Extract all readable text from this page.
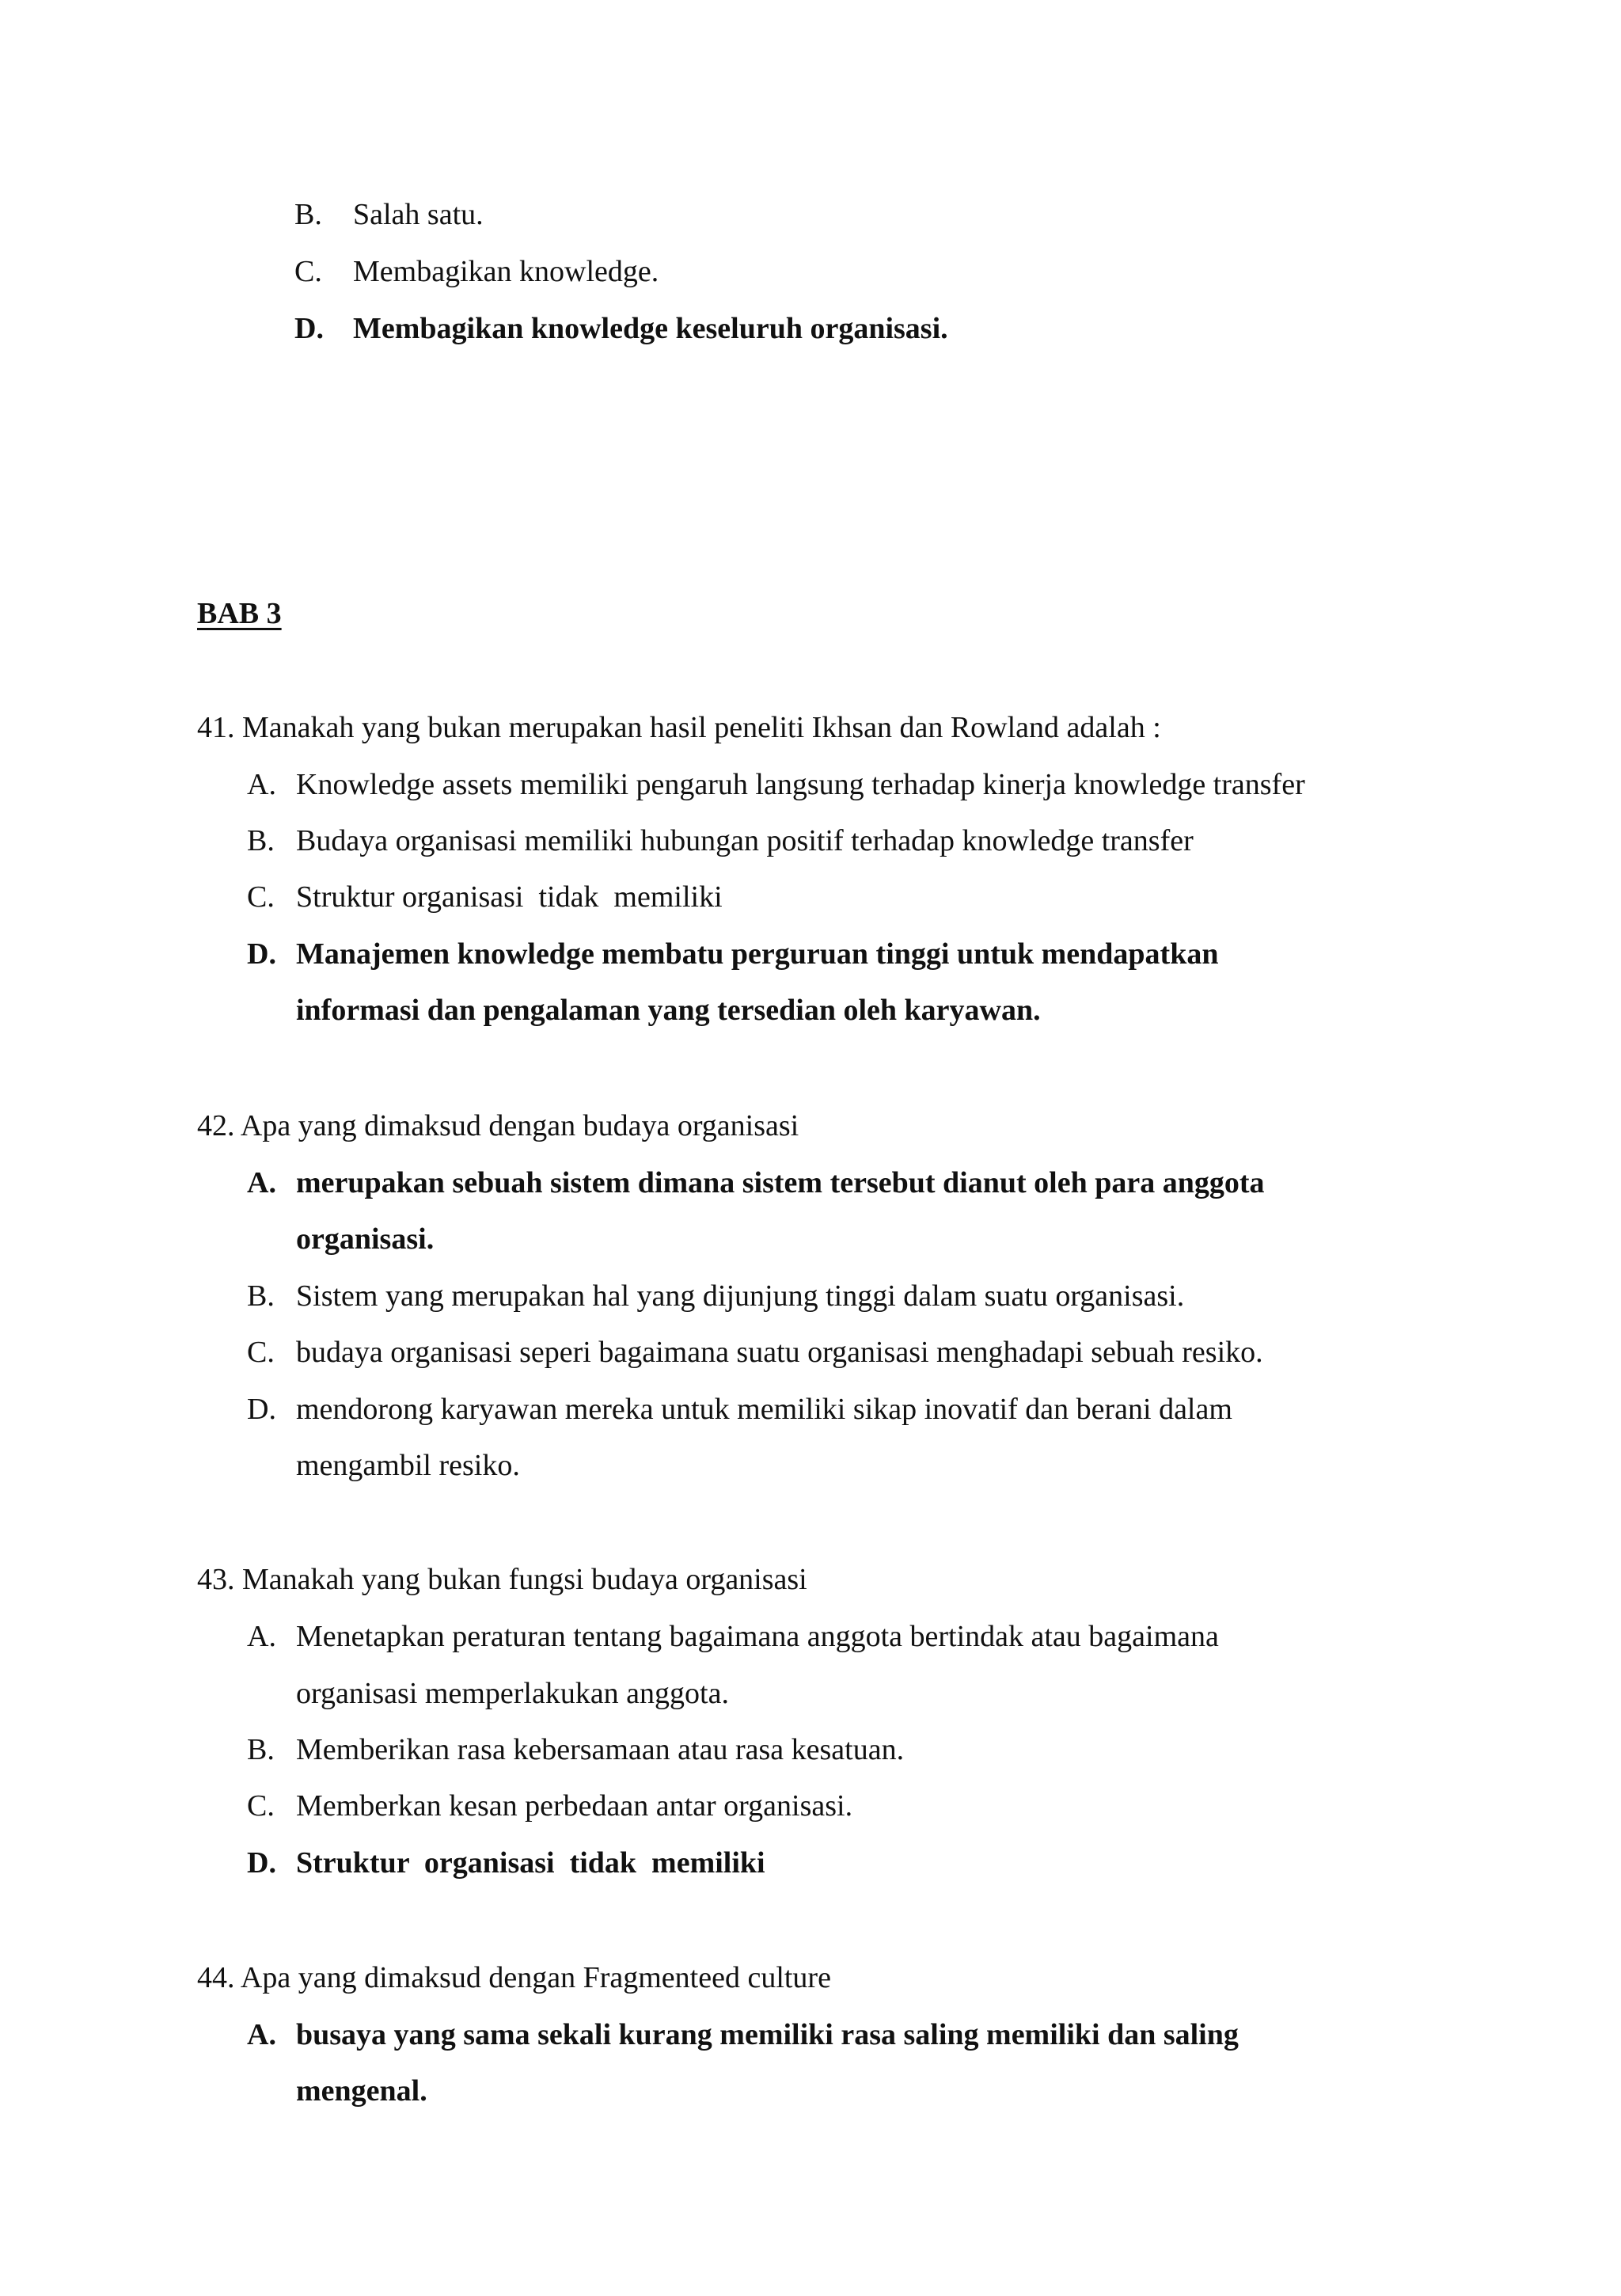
B. Salah satu.
C. Membagikan knowledge.
D. Membagikan knowledge keseluruh organisasi.
BAB 3
41. Manakah yang bukan merupakan hasil peneliti Ikhsan dan Rowland adalah :
A. Knowledge assets memiliki pengaruh langsung terhadap kinerja knowledge transfer
B. Budaya organisasi memiliki hubungan positif terhadap knowledge transfer
C. Struktur organisasi  tidak  memiliki
D. Manajemen knowledge membatu perguruan tinggi untuk mendapatkan
informasi dan pengalaman yang tersedian oleh karyawan.
42. Apa yang dimaksud dengan budaya organisasi
A. merupakan sebuah sistem dimana sistem tersebut dianut oleh para anggota
organisasi.
B. Sistem yang merupakan hal yang dijunjung tinggi dalam suatu organisasi.
C. budaya organisasi seperi bagaimana suatu organisasi menghadapi sebuah resiko.
D. mendorong karyawan mereka untuk memiliki sikap inovatif dan berani dalam
mengambil resiko.
43. Manakah yang bukan fungsi budaya organisasi
A. Menetapkan peraturan tentang bagaimana anggota bertindak atau bagaimana
organisasi memperlakukan anggota.
B. Memberikan rasa kebersamaan atau rasa kesatuan.
C. Memberkan kesan perbedaan antar organisasi.
D. Struktur  organisasi  tidak  memiliki
44. Apa yang dimaksud dengan Fragmenteed culture
A. busaya yang sama sekali kurang memiliki rasa saling memiliki dan saling
mengenal.
